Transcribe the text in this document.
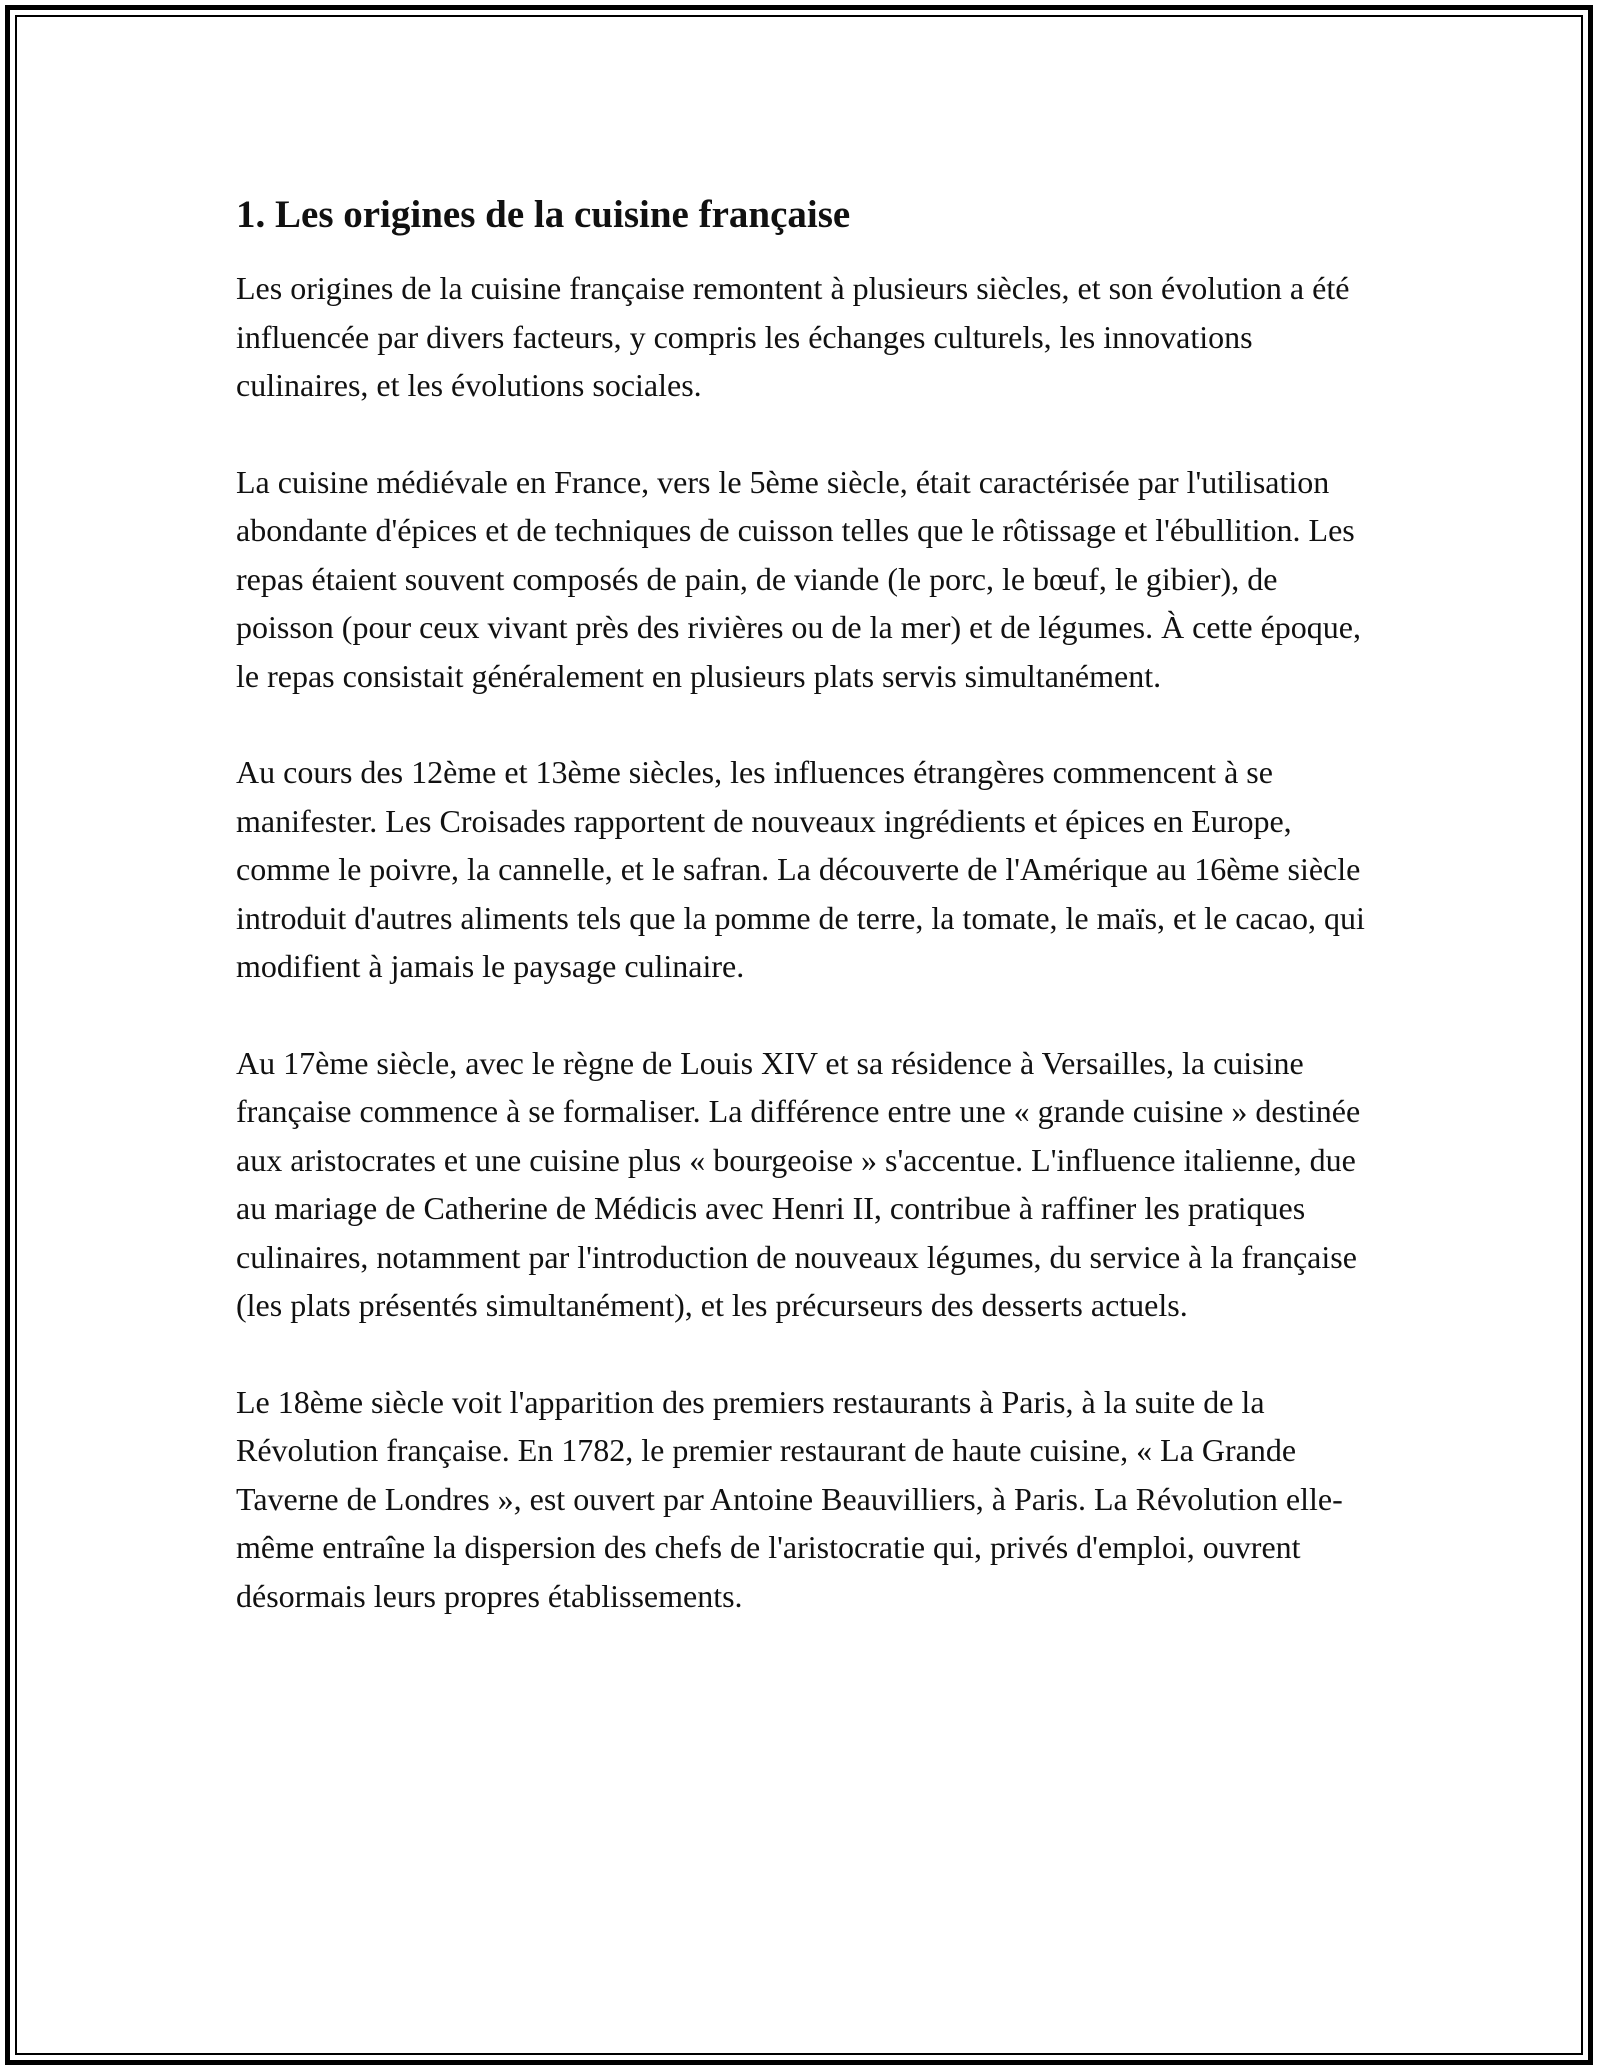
1. Les origines de la cuisine française

Les origines de la cuisine française remontent à plusieurs siècles, et son évolution a été influencée par divers facteurs, y compris les échanges culturels, les innovations culinaires, et les évolutions sociales.

La cuisine médiévale en France, vers le 5ème siècle, était caractérisée par l'utilisation abondante d'épices et de techniques de cuisson telles que le rôtissage et l'ébullition. Les repas étaient souvent composés de pain, de viande (le porc, le bœuf, le gibier), de poisson (pour ceux vivant près des rivières ou de la mer) et de légumes. À cette époque, le repas consistait généralement en plusieurs plats servis simultanément.

Au cours des 12ème et 13ème siècles, les influences étrangères commencent à se manifester. Les Croisades rapportent de nouveaux ingrédients et épices en Europe, comme le poivre, la cannelle, et le safran. La découverte de l'Amérique au 16ème siècle introduit d'autres aliments tels que la pomme de terre, la tomate, le maïs, et le cacao, qui modifient à jamais le paysage culinaire.

Au 17ème siècle, avec le règne de Louis XIV et sa résidence à Versailles, la cuisine française commence à se formaliser. La différence entre une « grande cuisine » destinée aux aristocrates et une cuisine plus « bourgeoise » s'accentue. L'influence italienne, due au mariage de Catherine de Médicis avec Henri II, contribue à raffiner les pratiques culinaires, notamment par l'introduction de nouveaux légumes, du service à la française (les plats présentés simultanément), et les précurseurs des desserts actuels.

Le 18ème siècle voit l'apparition des premiers restaurants à Paris, à la suite de la Révolution française. En 1782, le premier restaurant de haute cuisine, « La Grande Taverne de Londres », est ouvert par Antoine Beauvilliers, à Paris. La Révolution elle-même entraîne la dispersion des chefs de l'aristocratie qui, privés d'emploi, ouvrent désormais leurs propres établissements.
